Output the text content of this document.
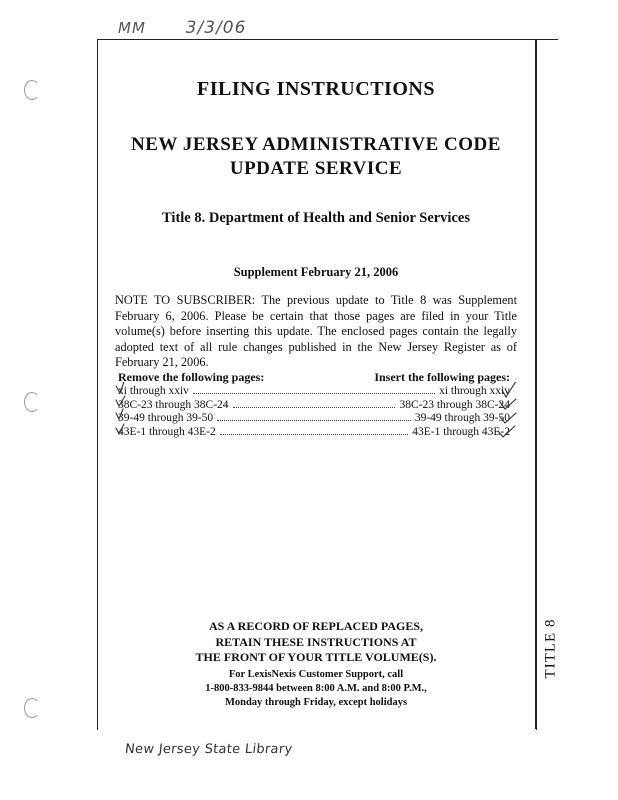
MM 3/3/06
TITLE 8
FILING INSTRUCTIONS
NEW JERSEY ADMINISTRATIVE CODE
UPDATE SERVICE
Title 8. Department of Health and Senior Services
Supplement February 21, 2006
NOTE TO SUBSCRIBER: The previous update to Title 8 was Supplement February 6, 2006. Please be certain that those pages are filed in your Title volume(s) before inserting this update. The enclosed pages contain the legally adopted text of all rule changes published in the New Jersey Register as of February 21, 2006.
Remove the following pages:	Insert the following pages:
xi through xxiv	xi through xxiv
38C-23 through 38C-24	38C-23 through 38C-24
39-49 through 39-50	39-49 through 39-50
43E-1 through 43E-2	43E-1 through 43E-2
AS A RECORD OF REPLACED PAGES,
RETAIN THESE INSTRUCTIONS AT
THE FRONT OF YOUR TITLE VOLUME(S).
For LexisNexis Customer Support, call
1-800-833-9844 between 8:00 A.M. and 8:00 P.M.,
Monday through Friday, except holidays
New Jersey State Library
